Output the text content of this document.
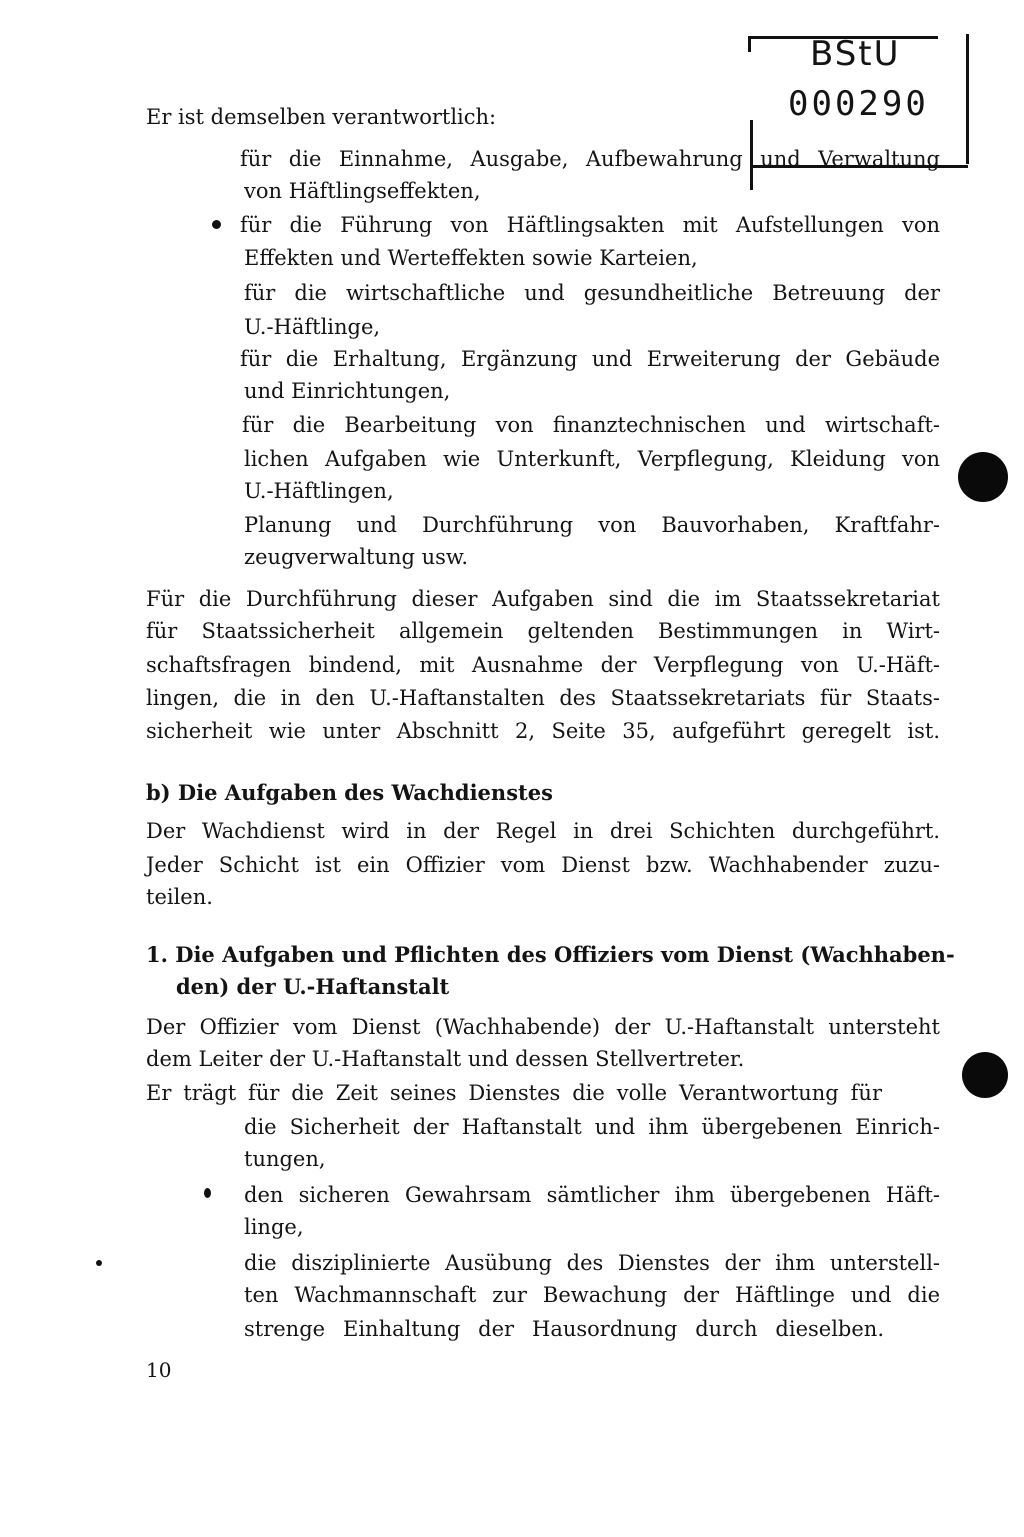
BStU
000290
Er ist demselben verantwortlich:
für die Einnahme, Ausgabe, Aufbewahrung und Verwaltung
von Häftlingseffekten,
für die Führung von Häftlingsakten mit Aufstellungen von
Effekten und Werteffekten sowie Karteien,
für die wirtschaftliche und gesundheitliche Betreuung der
U.-Häftlinge,
für die Erhaltung, Ergänzung und Erweiterung der Gebäude
und Einrichtungen,
für die Bearbeitung von finanztechnischen und wirtschaft-
lichen Aufgaben wie Unterkunft, Verpflegung, Kleidung von
U.-Häftlingen,
Planung und Durchführung von Bauvorhaben, Kraftfahr-
zeugverwaltung usw.
Für die Durchführung dieser Aufgaben sind die im Staatssekretariat
für Staatssicherheit allgemein geltenden Bestimmungen in Wirt-
schaftsfragen bindend, mit Ausnahme der Verpflegung von U.-Häft-
lingen, die in den U.-Haftanstalten des Staatssekretariats für Staats-
sicherheit wie unter Abschnitt 2, Seite 35, aufgeführt geregelt ist.
b) Die Aufgaben des Wachdienstes
Der Wachdienst wird in der Regel in drei Schichten durchgeführt.
Jeder Schicht ist ein Offizier vom Dienst bzw. Wachhabender zuzu-
teilen.
1. Die Aufgaben und Pflichten des Offiziers vom Dienst (Wachhaben-
den) der U.-Haftanstalt
Der Offizier vom Dienst (Wachhabende) der U.-Haftanstalt untersteht
dem Leiter der U.-Haftanstalt und dessen Stellvertreter.
Er trägt für die Zeit seines Dienstes die volle Verantwortung für
die Sicherheit der Haftanstalt und ihm übergebenen Einrich-
tungen,
den sicheren Gewahrsam sämtlicher ihm übergebenen Häft-
linge,
die disziplinierte Ausübung des Dienstes der ihm unterstell-
ten Wachmannschaft zur Bewachung der Häftlinge und die
strenge Einhaltung der Hausordnung durch dieselben.
10
